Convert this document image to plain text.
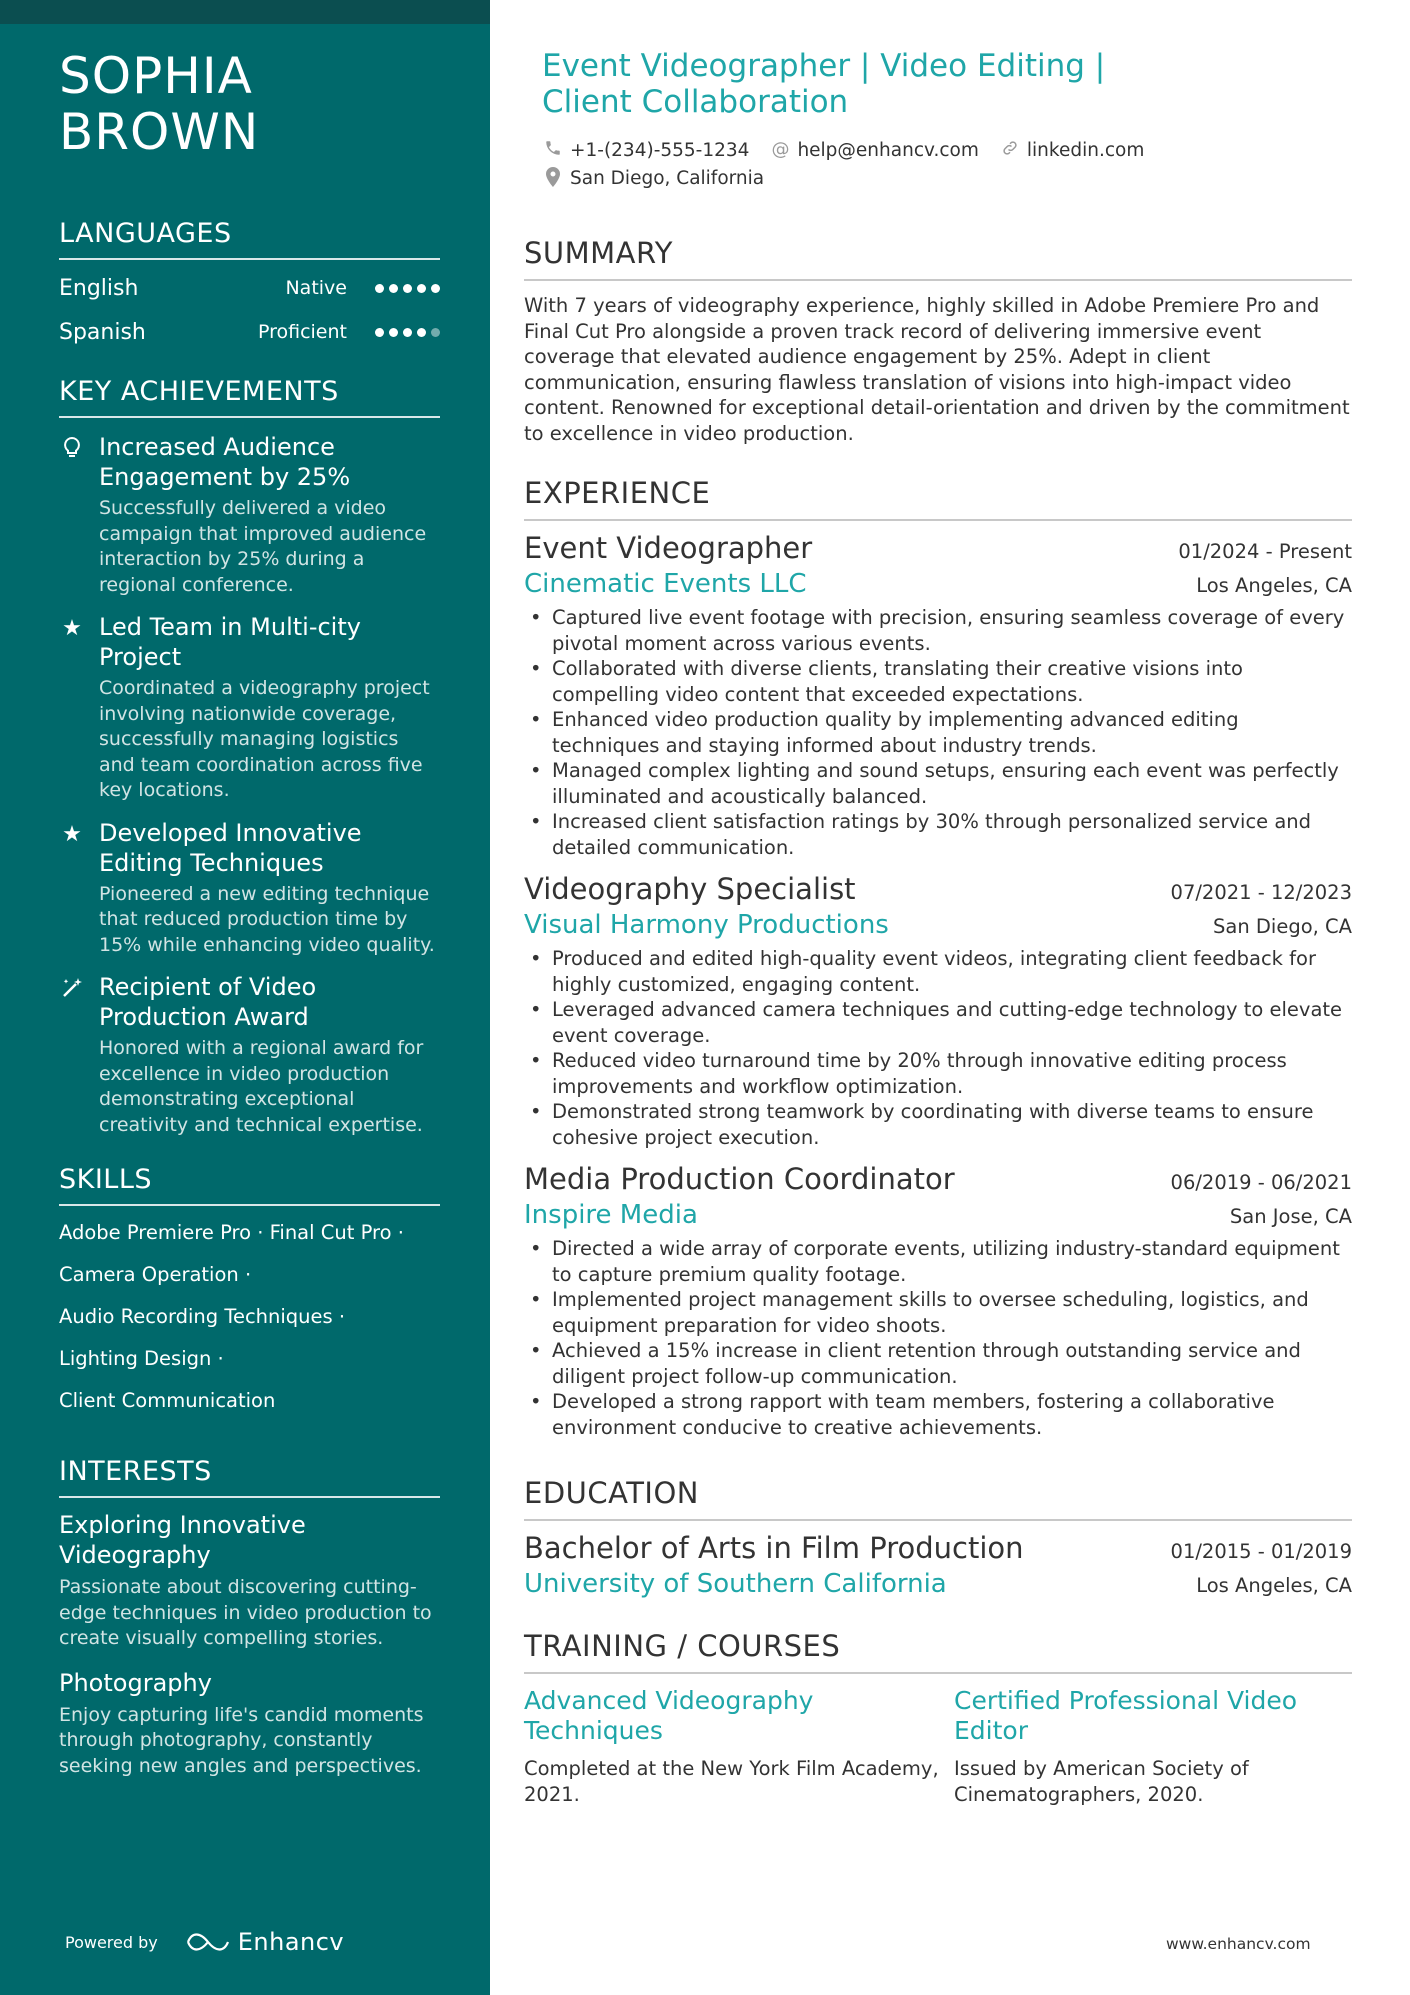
SOPHIA
BROWN
LANGUAGES
English	Native
Spanish	Proficient
KEY ACHIEVEMENTS
Increased Audience Engagement by 25%
Successfully delivered a video campaign that improved audience interaction by 25% during a regional conference.
★ Led Team in Multi-city Project
Coordinated a videography project involving nationwide coverage, successfully managing logistics and team coordination across five key locations.
★ Developed Innovative Editing Techniques
Pioneered a new editing technique that reduced production time by 15% while enhancing video quality.
Recipient of Video Production Award
Honored with a regional award for excellence in video production demonstrating exceptional creativity and technical expertise.
SKILLS
Adobe Premiere Pro · Final Cut Pro ·
Camera Operation ·
Audio Recording Techniques ·
Lighting Design ·
Client Communication
INTERESTS
Exploring Innovative Videography
Passionate about discovering cutting-edge techniques in video production to create visually compelling stories.
Photography
Enjoy capturing life's candid moments through photography, constantly seeking new angles and perspectives.
Powered by	Enhancv
Event Videographer | Video Editing | Client Collaboration
+1-(234)-555-1234 @ help@enhancv.com	linkedin.com
San Diego, California
SUMMARY
With 7 years of videography experience, highly skilled in Adobe Premiere Pro and Final Cut Pro alongside a proven track record of delivering immersive event coverage that elevated audience engagement by 25%. Adept in client communication, ensuring flawless translation of visions into high-impact video content. Renowned for exceptional detail-orientation and driven by the commitment to excellence in video production.
EXPERIENCE
Event Videographer	01/2024 - Present
Cinematic Events LLC	Los Angeles, CA
• Captured live event footage with precision, ensuring seamless coverage of every pivotal moment across various events.
• Collaborated with diverse clients, translating their creative visions into compelling video content that exceeded expectations.
• Enhanced video production quality by implementing advanced editing techniques and staying informed about industry trends.
• Managed complex lighting and sound setups, ensuring each event was perfectly illuminated and acoustically balanced.
• Increased client satisfaction ratings by 30% through personalized service and detailed communication.
Videography Specialist	07/2021 - 12/2023
Visual Harmony Productions	San Diego, CA
• Produced and edited high-quality event videos, integrating client feedback for highly customized, engaging content.
• Leveraged advanced camera techniques and cutting-edge technology to elevate event coverage.
• Reduced video turnaround time by 20% through innovative editing process improvements and workflow optimization.
• Demonstrated strong teamwork by coordinating with diverse teams to ensure cohesive project execution.
Media Production Coordinator	06/2019 - 06/2021
Inspire Media	San Jose, CA
• Directed a wide array of corporate events, utilizing industry-standard equipment to capture premium quality footage.
• Implemented project management skills to oversee scheduling, logistics, and equipment preparation for video shoots.
• Achieved a 15% increase in client retention through outstanding service and diligent project follow-up communication.
• Developed a strong rapport with team members, fostering a collaborative environment conducive to creative achievements.
EDUCATION
Bachelor of Arts in Film Production	01/2015 - 01/2019
University of Southern California	Los Angeles, CA
TRAINING / COURSES
Advanced Videography Techniques
Completed at the New York Film Academy, 2021.
Certified Professional Video Editor
Issued by American Society of Cinematographers, 2020.
www.enhancv.com
